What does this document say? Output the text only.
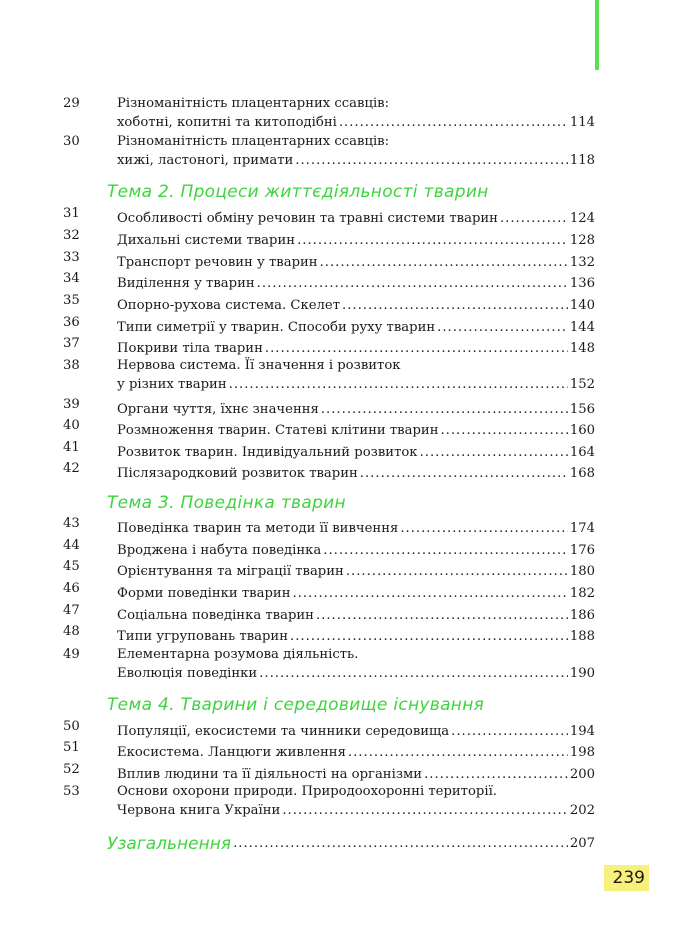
29	Різноманітність плацентарних ссавців:
хоботні, копитні та китоподібні .....	114
30	Різноманітність плацентарних ссавців:
хижі, ластоногі, примати .....	118
Тема 2. Процеси життєдіяльності тварин
31	Особливості обміну речовин та травні системи тварин .....	124
32	Дихальні системи тварин .....	128
33	Транспорт речовин у тварин .....	132
34	Виділення у тварин .....	136
35	Опорно-рухова система. Скелет .....	140
36	Типи симетрії у тварин. Способи руху тварин .....	144
37	Покриви тіла тварин .....	148
38	Нервова система. Її значення і розвиток
у різних тварин .....	152
39	Органи чуття, їхнє значення .....	156
40	Розмноження тварин. Статеві клітини тварин .....	160
41	Розвиток тварин. Індивідуальний розвиток .....	164
42	Післязародковий розвиток тварин .....	168
Тема 3. Поведінка тварин
43	Поведінка тварин та методи її вивчення .....	174
44	Вроджена і набута поведінка .....	176
45	Орієнтування та міграції тварин .....	180
46	Форми поведінки тварин .....	182
47	Соціальна поведінка тварин .....	186
48	Типи угруповань тварин .....	188
49	Елементарна розумова діяльність.
Еволюція поведінки .....	190
Тема 4. Тварини і середовище існування
50	Популяції, екосистеми та чинники середовища .....	194
51	Екосистема. Ланцюги живлення .....	198
52	Вплив людини та її діяльності на організми .....	200
53	Основи охорони природи. Природоохоронні території.
Червона книга України .....	202
Узагальнення .....	207
239
